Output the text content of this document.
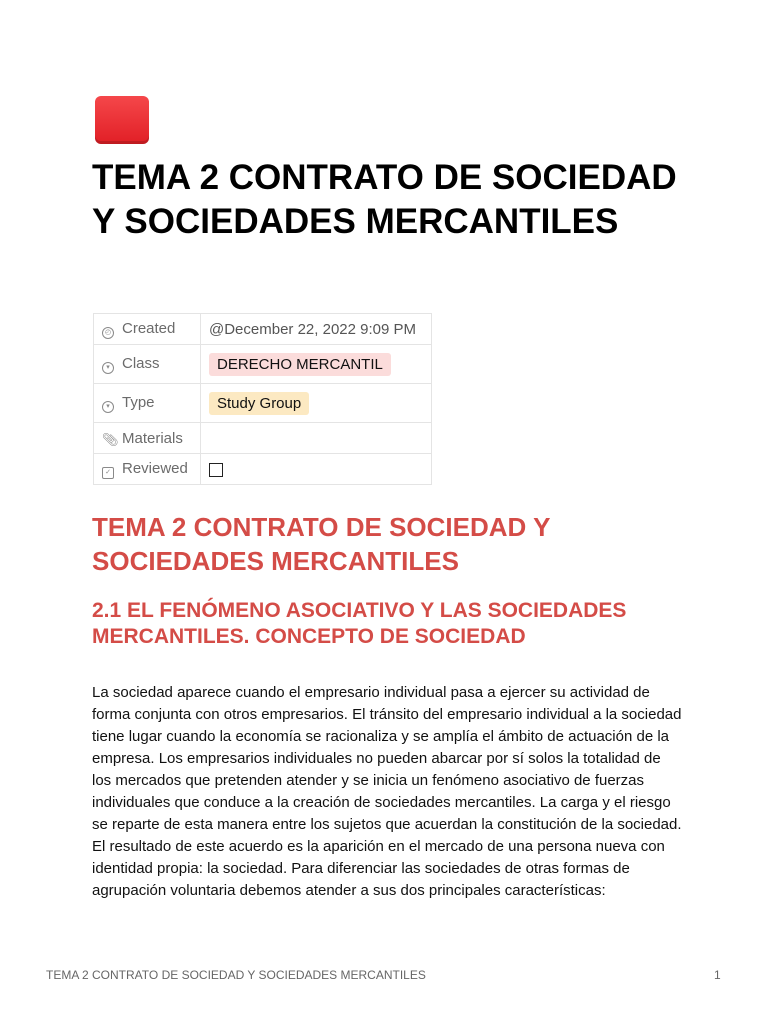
TEMA 2 CONTRATO DE SOCIEDAD Y SOCIEDADES MERCANTILES
◴ Created	@December 22, 2022 9:09 PM
▾ Class	DERECHO MERCANTIL
▾ Type	Study Group
📎︎ Materials	
✓ Reviewed	
TEMA 2 CONTRATO DE SOCIEDAD Y SOCIEDADES MERCANTILES
2.1 EL FENÓMENO ASOCIATIVO Y LAS SOCIEDADES MERCANTILES. CONCEPTO DE SOCIEDAD

La sociedad aparece cuando el empresario individual pasa a ejercer su actividad de forma conjunta con otros empresarios. El tránsito del empresario individual a la sociedad tiene lugar cuando la economía se racionaliza y se amplía el ámbito de actuación de la empresa. Los empresarios individuales no pueden abarcar por sí solos la totalidad de los mercados que pretenden atender y se inicia un fenómeno asociativo de fuerzas individuales que conduce a la creación de sociedades mercantiles. La carga y el riesgo se reparte de esta manera entre los sujetos que acuerdan la constitución de la sociedad. El resultado de este acuerdo es la aparición en el mercado de una persona nueva con identidad propia: la sociedad. Para diferenciar las sociedades de otras formas de agrupación voluntaria debemos atender a sus dos principales características:

TEMA 2 CONTRATO DE SOCIEDAD Y SOCIEDADES MERCANTILES	1
